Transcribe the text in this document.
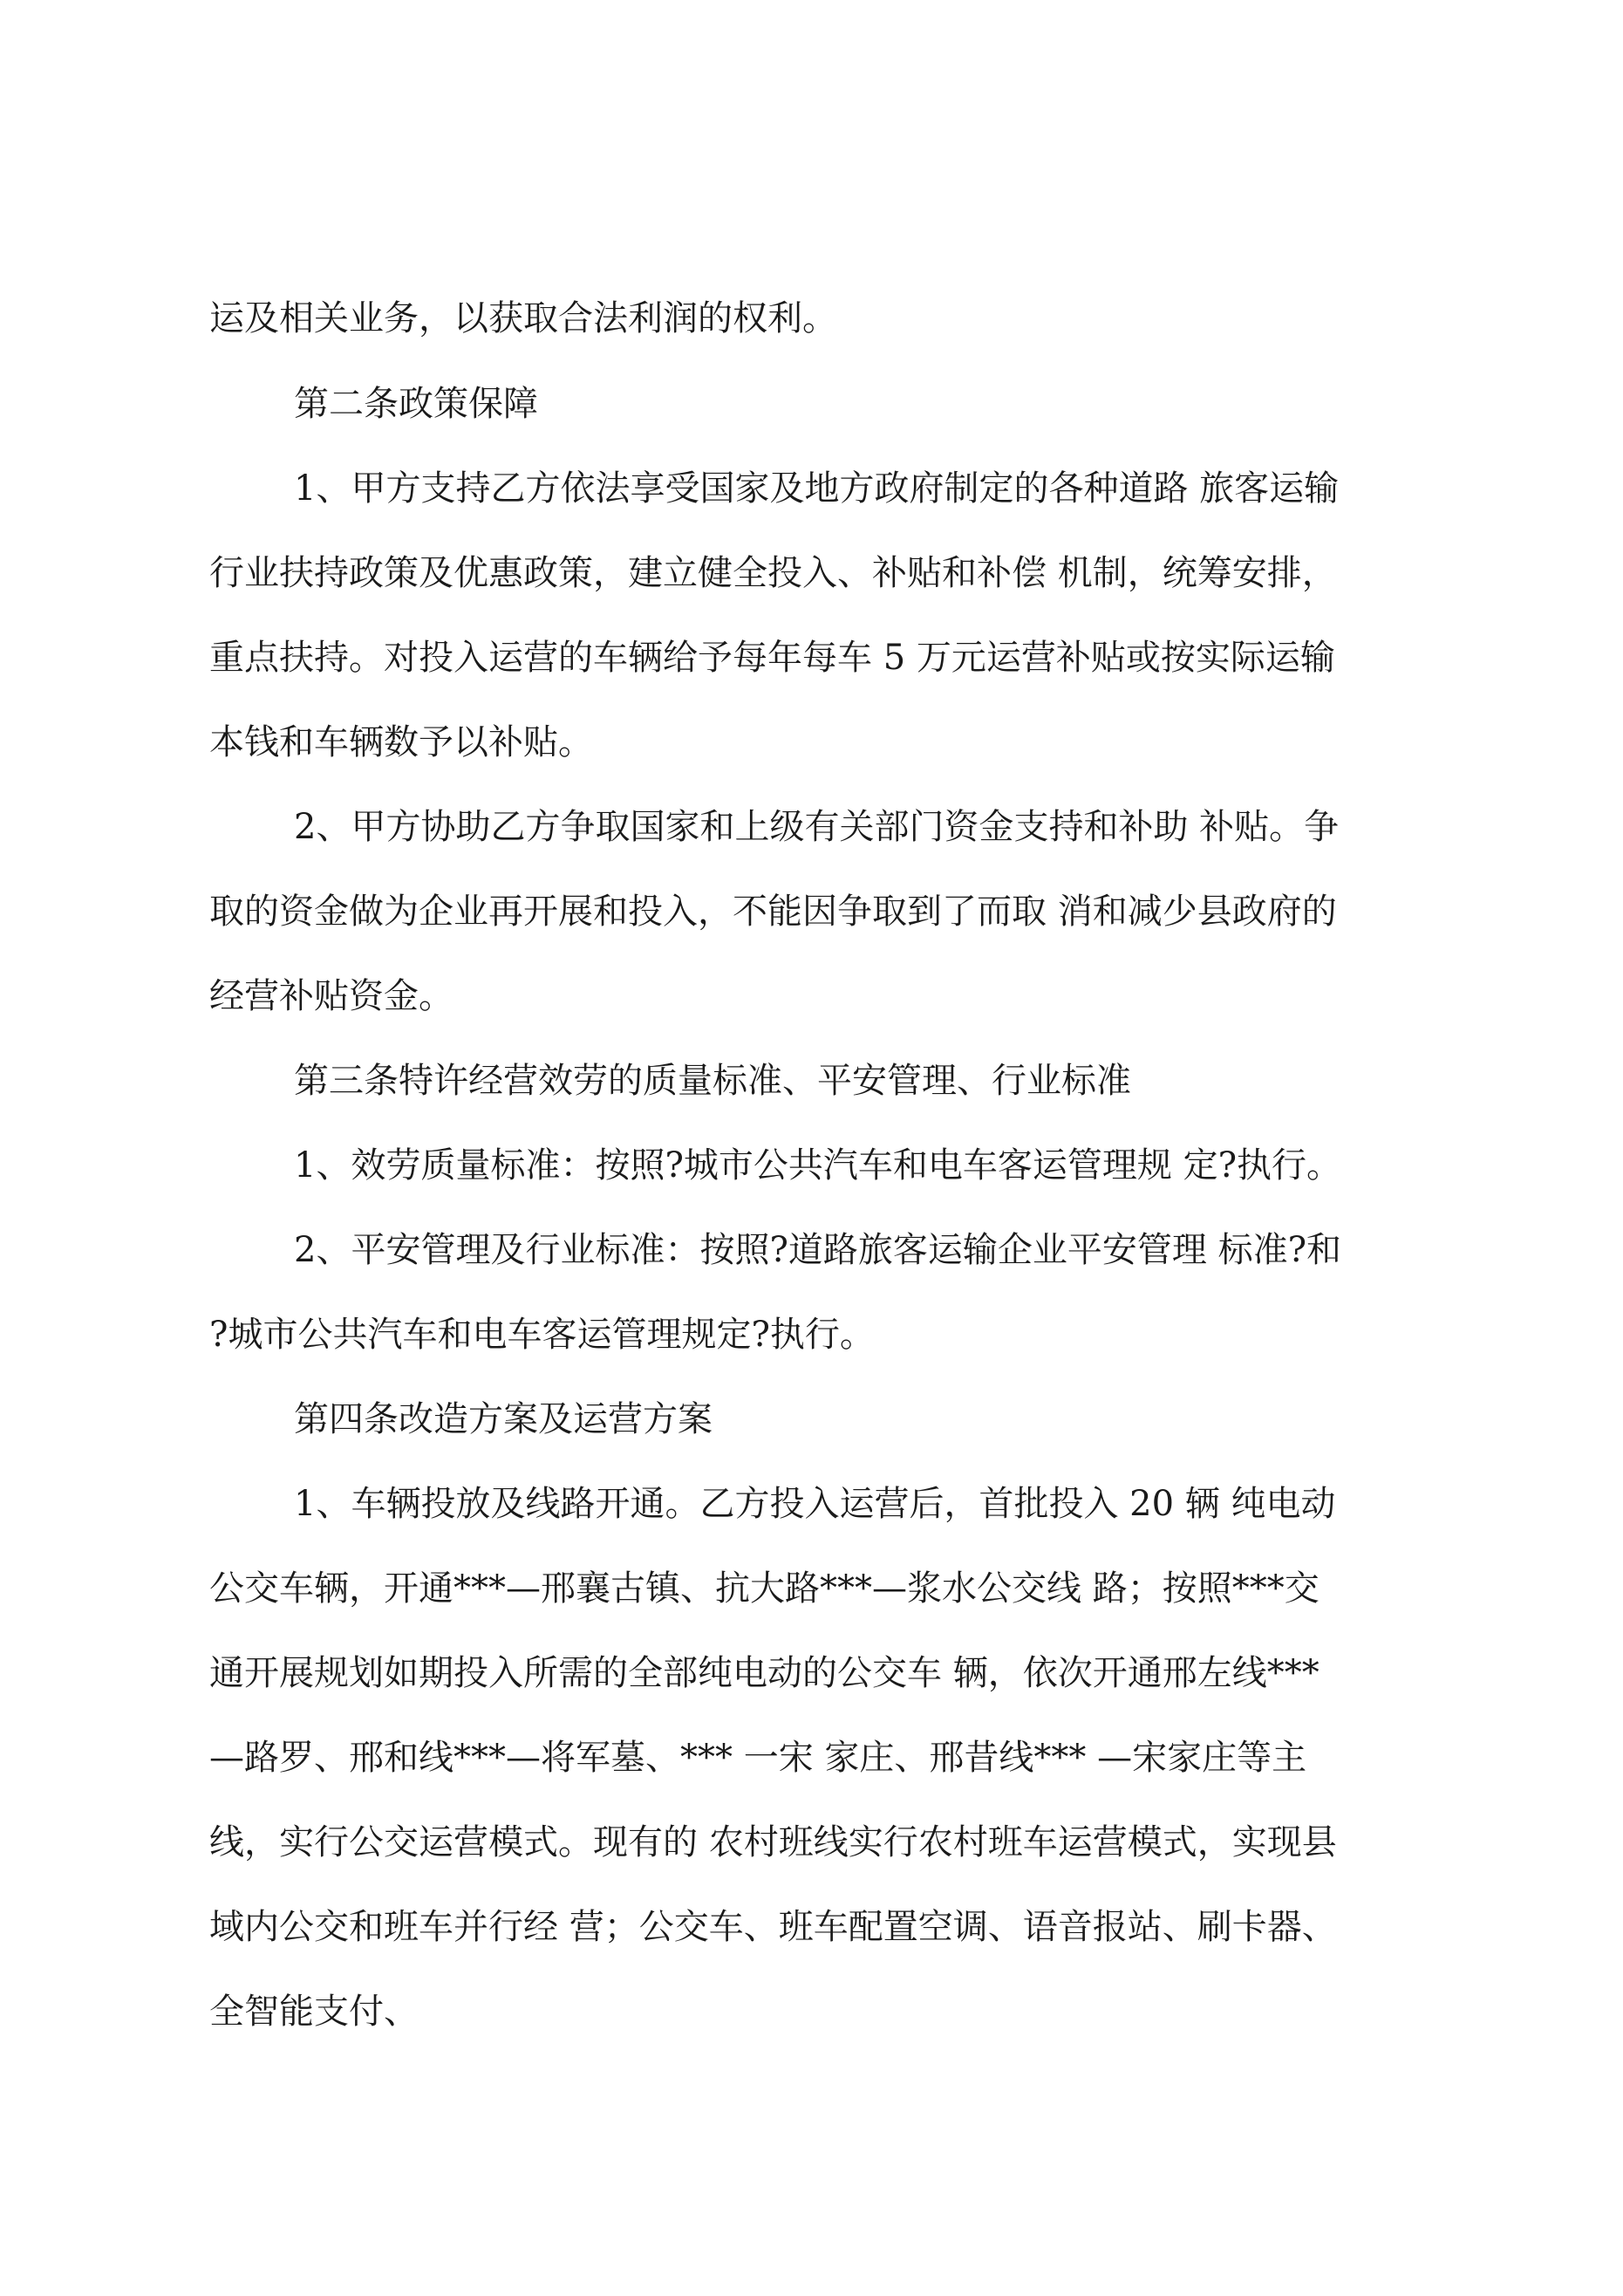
运及相关业务，以获取合法利润的权利。

第二条政策保障

1、甲方支持乙方依法享受国家及地方政府制定的各种道路 旅客运输

行业扶持政策及优惠政策，建立健全投入、补贴和补偿 机制，统筹安排，

重点扶持。对投入运营的车辆给予每年每车 5 万元运营补贴或按实际运输

本钱和车辆数予以补贴。

2、甲方协助乙方争取国家和上级有关部门资金支持和补助 补贴。争

取的资金做为企业再开展和投入，不能因争取到了而取 消和减少县政府的

经营补贴资金。

第三条特许经营效劳的质量标准、平安管理、行业标准

1、效劳质量标准：按照?城市公共汽车和电车客运管理规 定?执行。

2、平安管理及行业标准：按照?道路旅客运输企业平安管理 标准?和

?城市公共汽车和电车客运管理规定?执行。

第四条改造方案及运营方案

1、车辆投放及线路开通。乙方投入运营后，首批投入 20 辆 纯电动

公交车辆，开通***—邢襄古镇、抗大路***—浆水公交线 路；按照***交

通开展规划如期投入所需的全部纯电动的公交车 辆，依次开通邢左线***

—路罗、邢和线***—将军墓、*** 一宋 家庄、邢昔线*** —宋家庄等主

线，实行公交运营模式。现有的 农村班线实行农村班车运营模式，实现县

域内公交和班车并行经 营；公交车、班车配置空调、语音报站、刷卡器、

全智能支付、
